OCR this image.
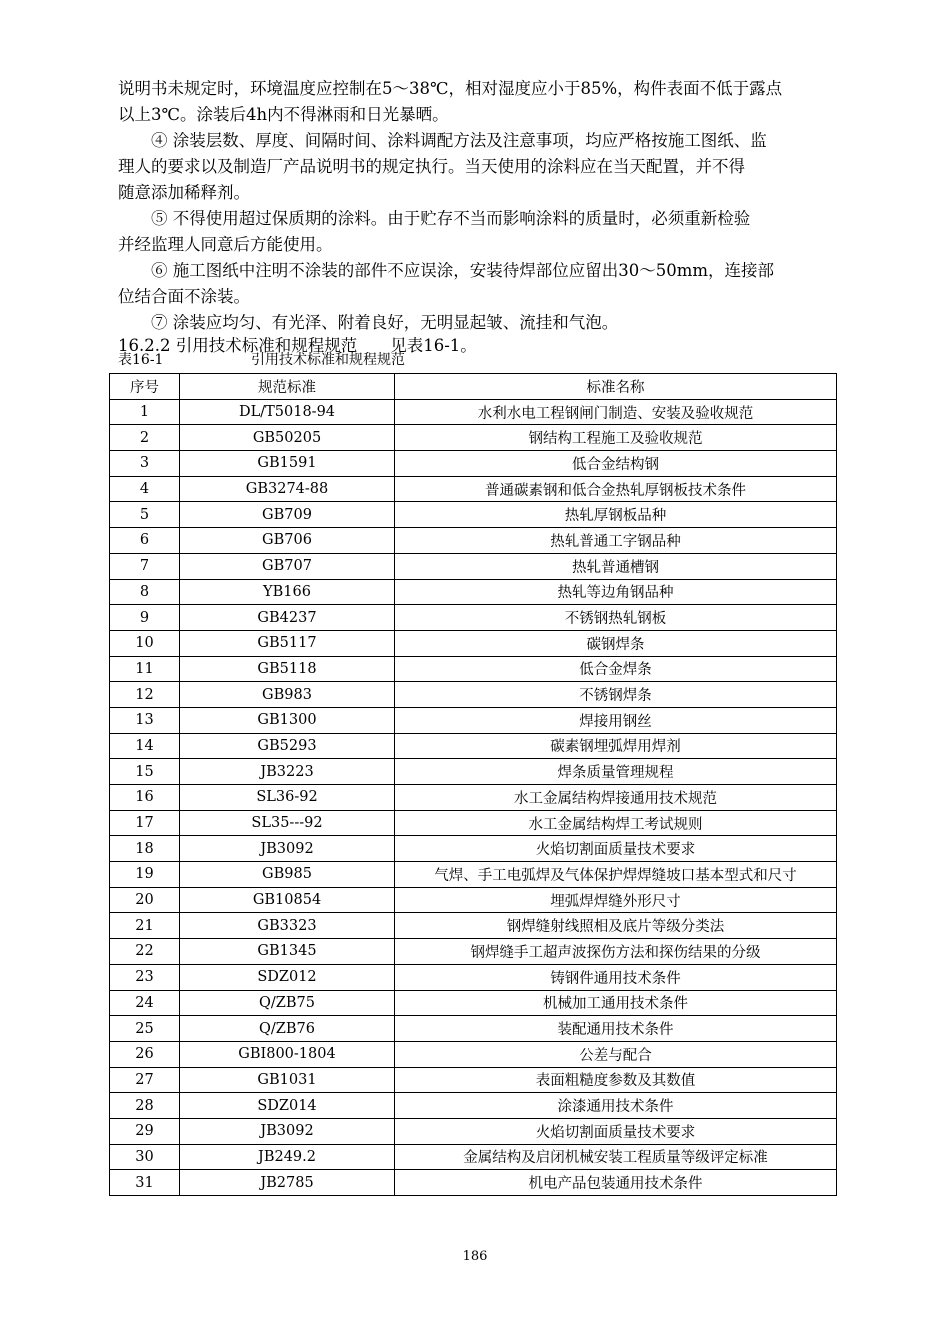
说明书未规定时，环境温度应控制在5～38℃，相对湿度应小于85%，构件表面不低于露点

以上3℃。涂装后4h内不得淋雨和日光暴晒。

　　④ 涂装层数、厚度、间隔时间、涂料调配方法及注意事项，均应严格按施工图纸、监

理人的要求以及制造厂产品说明书的规定执行。当天使用的涂料应在当天配置，并不得

随意添加稀释剂。

　　⑤ 不得使用超过保质期的涂料。由于贮存不当而影响涂料的质量时，必须重新检验

并经监理人同意后方能使用。

　　⑥ 施工图纸中注明不涂装的部件不应误涂，安装待焊部位应留出30～50mm，连接部

位结合面不涂装。

　　⑦ 涂装应均匀、有光泽、附着良好，无明显起皱、流挂和气泡。

16.2.2 引用技术标准和规程规范　　见表16-1。

表16-1	引用技术标准和规程规范
序号	规范标准	标准名称
1	DL/T5018-94	水利水电工程钢闸门制造、安装及验收规范
2	GB50205	钢结构工程施工及验收规范
3	GB1591	低合金结构钢
4	GB3274-88	普通碳素钢和低合金热轧厚钢板技术条件
5	GB709	热轧厚钢板品种
6	GB706	热轧普通工字钢品种
7	GB707	热轧普通槽钢
8	YB166	热轧等边角钢品种
9	GB4237	不锈钢热轧钢板
10	GB5117	碳钢焊条
11	GB5118	低合金焊条
12	GB983	不锈钢焊条
13	GB1300	焊接用钢丝
14	GB5293	碳素钢埋弧焊用焊剂
15	JB3223	焊条质量管理规程
16	SL36-92	水工金属结构焊接通用技术规范
17	SL35---92	水工金属结构焊工考试规则
18	JB3092	火焰切割面质量技术要求
19	GB985	气焊、手工电弧焊及气体保护焊焊缝坡口基本型式和尺寸
20	GB10854	埋弧焊焊缝外形尺寸
21	GB3323	钢焊缝射线照相及底片等级分类法
22	GB1345	钢焊缝手工超声波探伤方法和探伤结果的分级
23	SDZ012	铸钢件通用技术条件
24	Q/ZB75	机械加工通用技术条件
25	Q/ZB76	装配通用技术条件
26	GBI800-1804	公差与配合
27	GB1031	表面粗糙度参数及其数值
28	SDZ014	涂漆通用技术条件
29	JB3092	火焰切割面质量技术要求
30	JB249.2	金属结构及启闭机械安装工程质量等级评定标准
31	JB2785	机电产品包装通用技术条件
186
